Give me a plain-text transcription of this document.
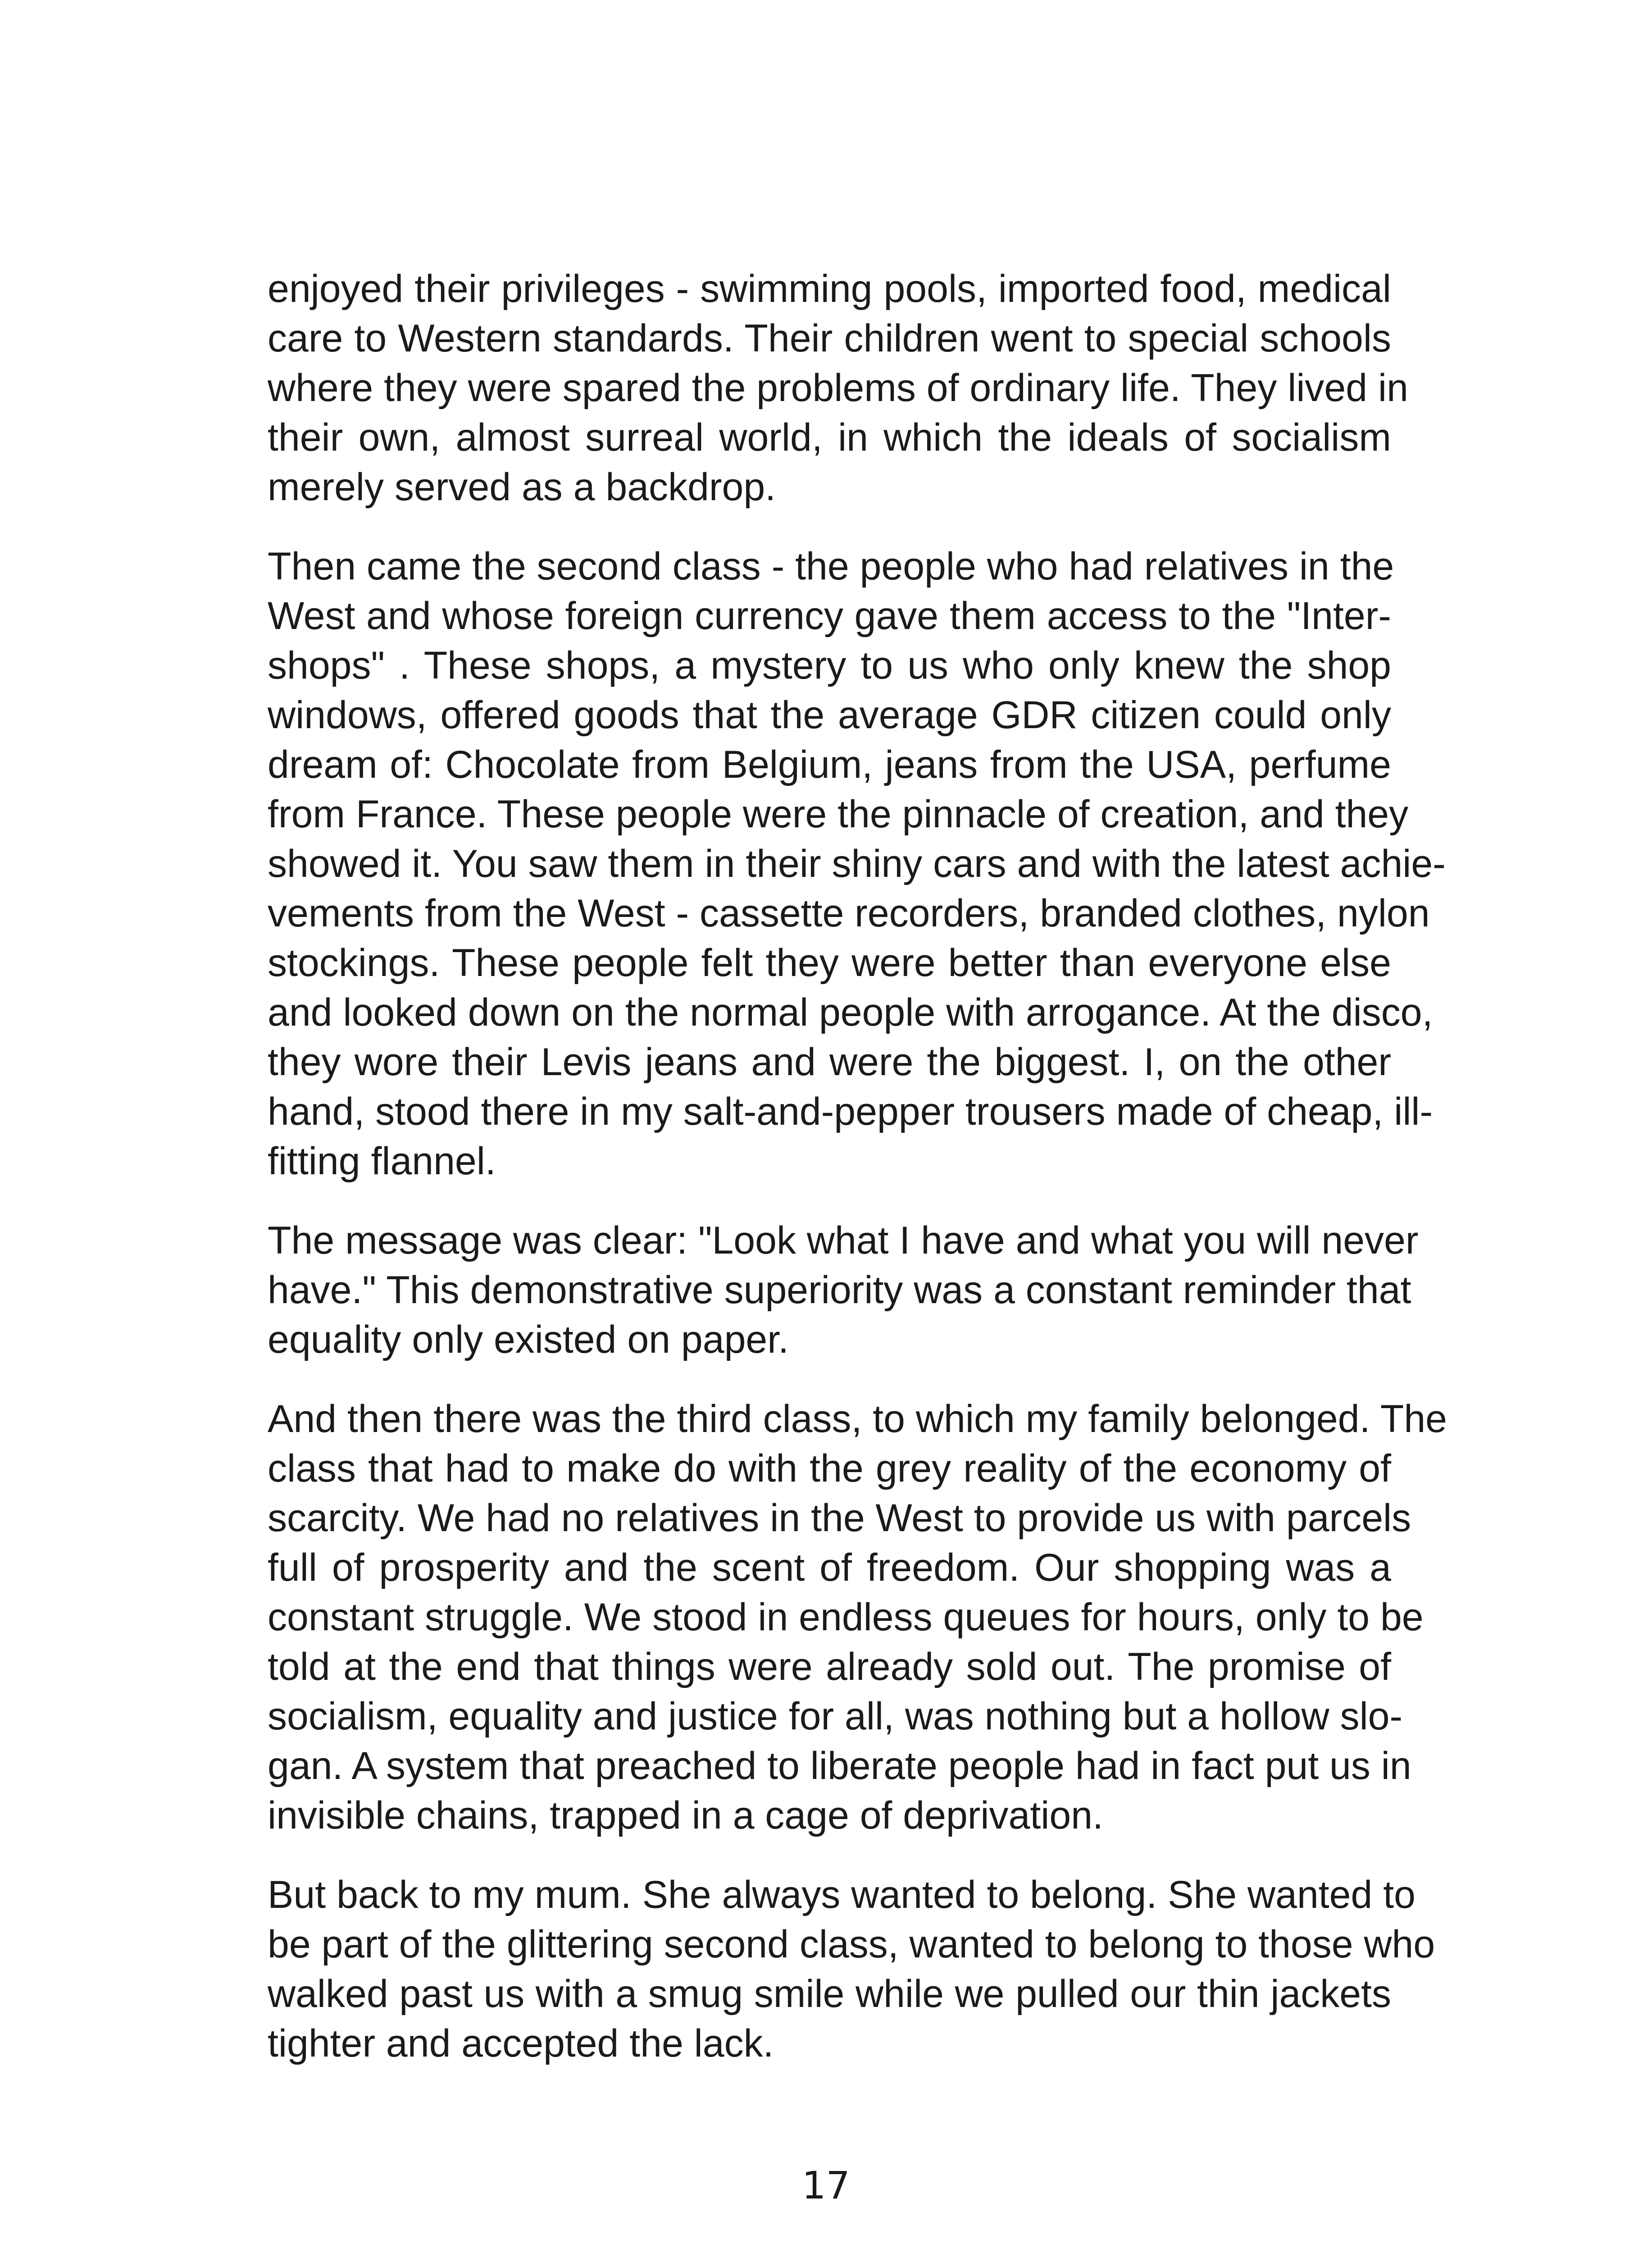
enjoyed their privileges - swimming pools, imported food, medical
care to Western standards. Their children went to special schools
where they were spared the problems of ordinary life. They lived in
their own, almost surreal world, in which the ideals of socialism
merely served as a backdrop.

Then came the second class - the people who had relatives in the
West and whose foreign currency gave them access to the "Inter-
shops" . These shops, a mystery to us who only knew the shop
windows, offered goods that the average GDR citizen could only
dream of: Chocolate from Belgium, jeans from the USA, perfume
from France. These people were the pinnacle of creation, and they
showed it. You saw them in their shiny cars and with the latest achie-
vements from the West - cassette recorders, branded clothes, nylon
stockings. These people felt they were better than everyone else
and looked down on the normal people with arrogance. At the disco,
they wore their Levis jeans and were the biggest. I, on the other
hand, stood there in my salt-and-pepper trousers made of cheap, ill-
fitting flannel.

The message was clear: "Look what I have and what you will never
have." This demonstrative superiority was a constant reminder that
equality only existed on paper.

And then there was the third class, to which my family belonged. The
class that had to make do with the grey reality of the economy of
scarcity. We had no relatives in the West to provide us with parcels
full of prosperity and the scent of freedom. Our shopping was a
constant struggle. We stood in endless queues for hours, only to be
told at the end that things were already sold out. The promise of
socialism, equality and justice for all, was nothing but a hollow slo-
gan. A system that preached to liberate people had in fact put us in
invisible chains, trapped in a cage of deprivation.

But back to my mum. She always wanted to belong. She wanted to
be part of the glittering second class, wanted to belong to those who
walked past us with a smug smile while we pulled our thin jackets
tighter and accepted the lack.

17
